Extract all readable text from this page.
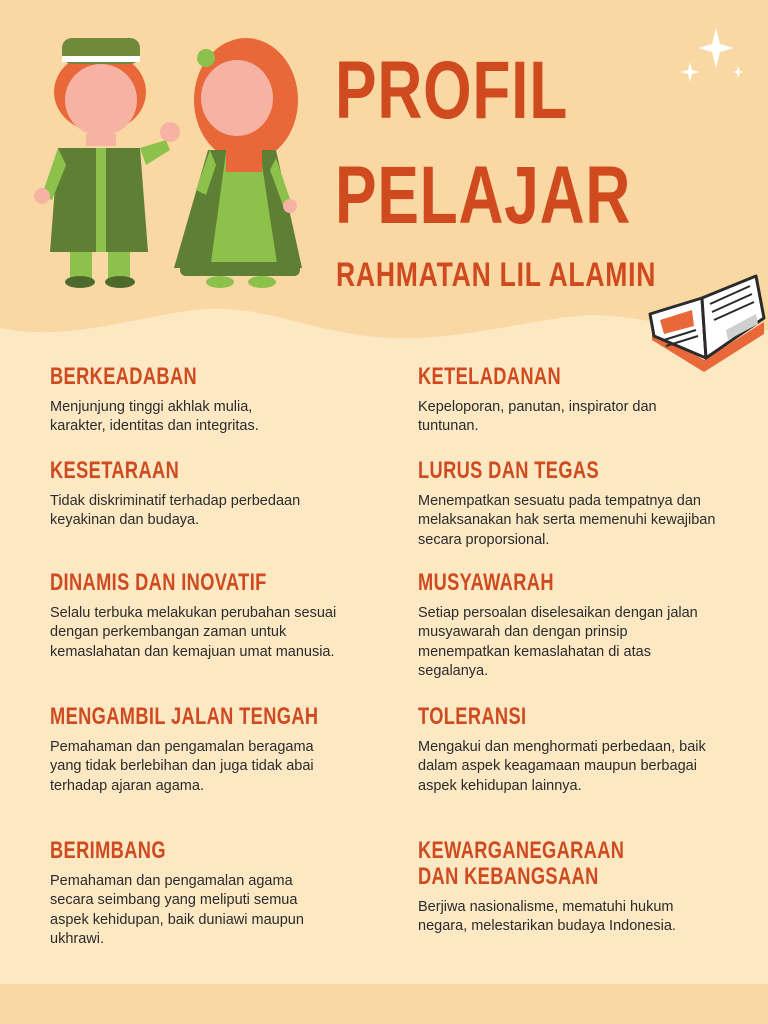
PROFIL
PELAJAR
RAHMATAN LIL ALAMIN
BERKEADABAN

Menjunjung tinggi akhlak mulia, karakter, identitas dan integritas.

KETELADANAN

Kepeloporan, panutan, inspirator dan tuntunan.

KESETARAAN

Tidak diskriminatif terhadap perbedaan keyakinan dan budaya.

LURUS DAN TEGAS

Menempatkan sesuatu pada tempatnya dan melaksanakan hak serta memenuhi kewajiban secara proporsional.

DINAMIS DAN INOVATIF

Selalu terbuka melakukan perubahan sesuai dengan perkembangan zaman untuk kemaslahatan dan kemajuan umat manusia.

MUSYAWARAH

Setiap persoalan diselesaikan dengan jalan musyawarah dan dengan prinsip menempatkan kemaslahatan di atas segalanya.

MENGAMBIL JALAN TENGAH

Pemahaman dan pengamalan beragama yang tidak berlebihan dan juga tidak abai terhadap ajaran agama.

TOLERANSI

Mengakui dan menghormati perbedaan, baik dalam aspek keagamaan maupun berbagai aspek kehidupan lainnya.

BERIMBANG

Pemahaman dan pengamalan agama secara seimbang yang meliputi semua aspek kehidupan, baik duniawi maupun ukhrawi.

KEWARGANEGARAAN DAN KEBANGSAAN

Berjiwa nasionalisme, mematuhi hukum negara, melestarikan budaya Indonesia.
